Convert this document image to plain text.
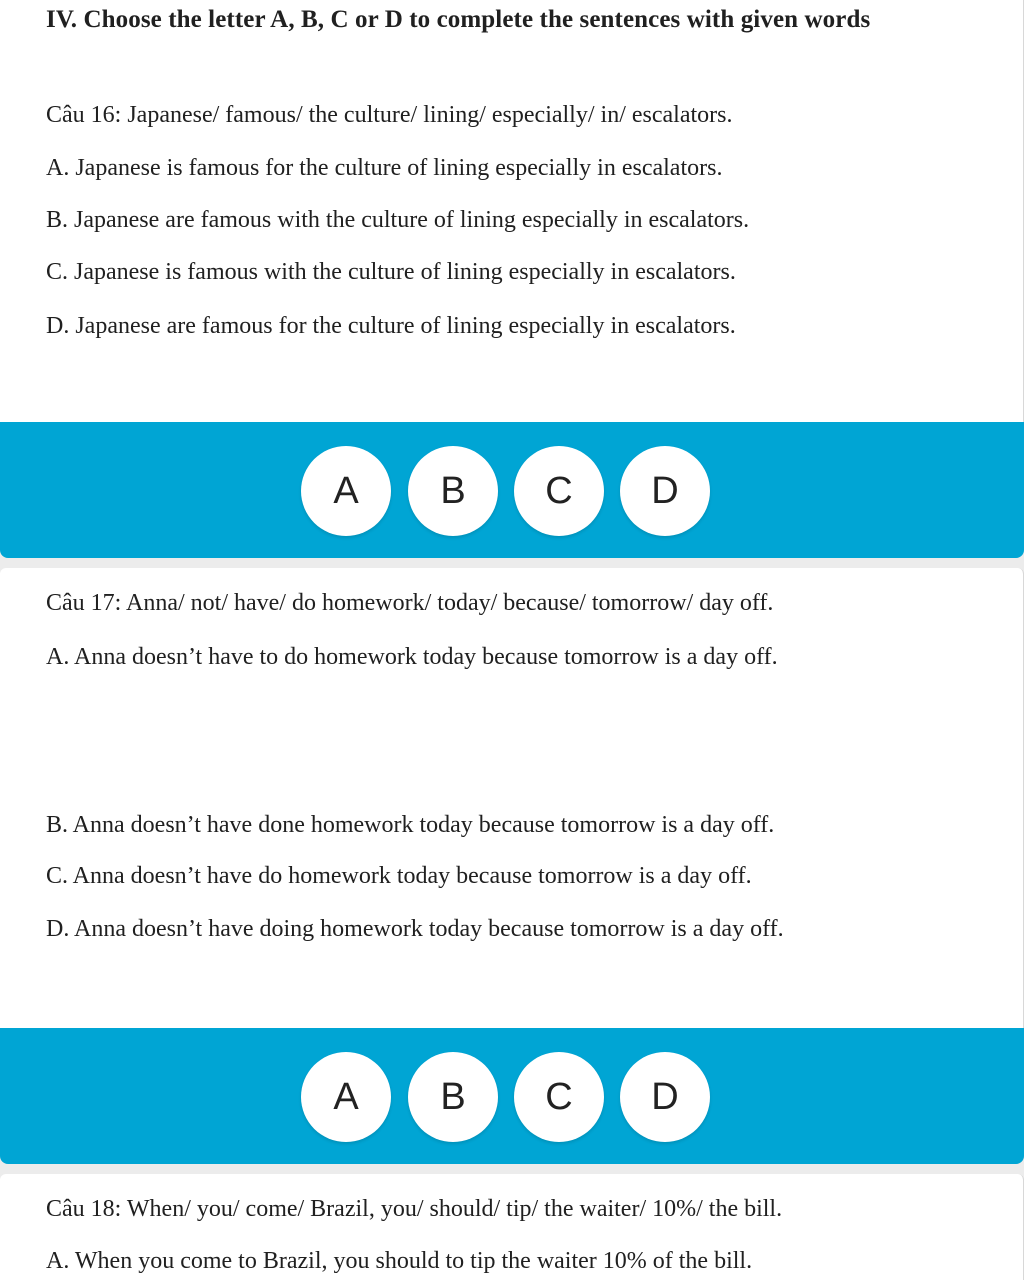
IV. Choose the letter A, B, C or D to complete the sentences with given words
Câu 16: Japanese/ famous/ the culture/ lining/ especially/ in/ escalators.
A. Japanese is famous for the culture of lining especially in escalators.
B. Japanese are famous with the culture of lining especially in escalators.
C. Japanese is famous with the culture of lining especially in escalators.
D. Japanese are famous for the culture of lining especially in escalators.
A	B	C	D
Câu 17: Anna/ not/ have/ do homework/ today/ because/ tomorrow/ day off.
A. Anna doesn’t have to do homework today because tomorrow is a day off.
B. Anna doesn’t have done homework today because tomorrow is a day off.
C. Anna doesn’t have do homework today because tomorrow is a day off.
D. Anna doesn’t have doing homework today because tomorrow is a day off.
A	B	C	D
Câu 18: When/ you/ come/ Brazil, you/ should/ tip/ the waiter/ 10%/ the bill.
A. When you come to Brazil, you should to tip the waiter 10% of the bill.
